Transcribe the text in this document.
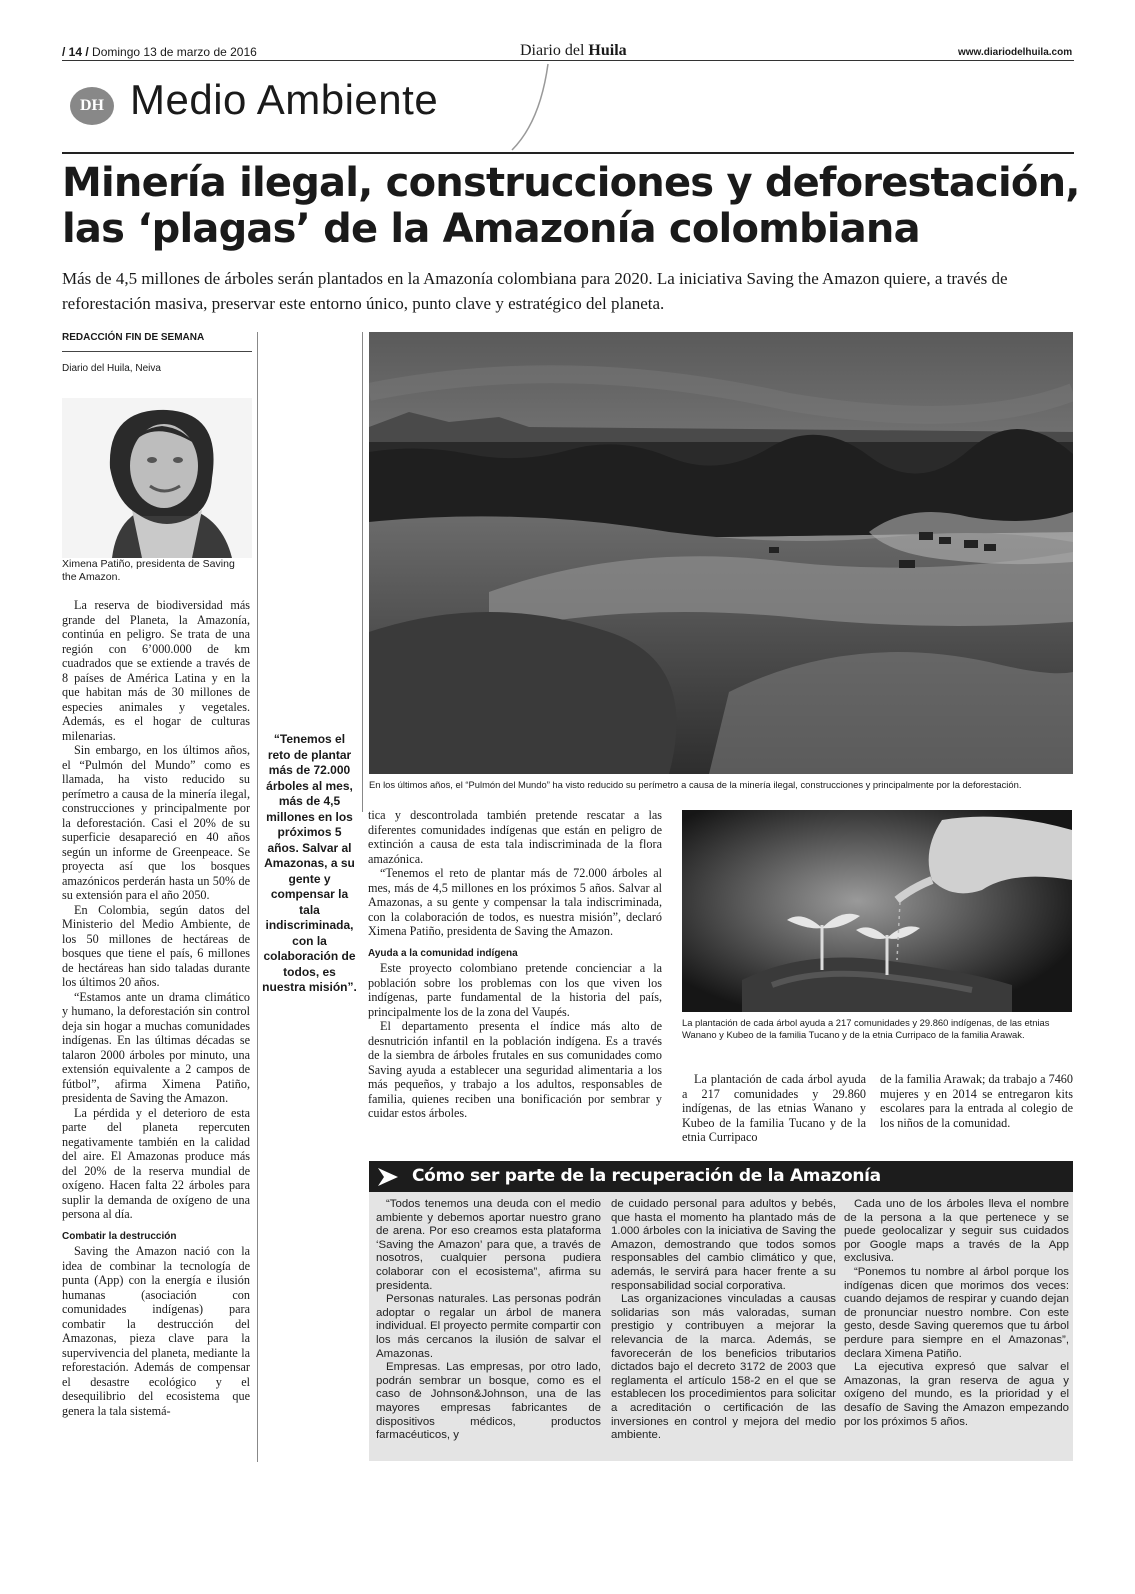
/ 14 / Domingo 13 de marzo de 2016	Diario del Huila	www.diariodelhuila.com
DH Medio Ambiente
Minería ilegal, construcciones y deforestación,
las ‘plagas’ de la Amazonía colombiana
Más de 4,5 millones de árboles serán plantados en la Amazonía colombiana para 2020. La iniciativa Saving the Amazon quiere, a través de reforestación masiva, preservar este entorno único, punto clave y estratégico del planeta.
REDACCIÓN FIN DE SEMANA
Diario del Huila, Neiva
Ximena Patiño, presidenta de Saving the Amazon.

La reserva de biodiversidad más grande del Planeta, la Amazonía, continúa en peligro. Se trata de una región con 6’000.000 de km cuadrados que se extiende a través de 8 países de América Latina y en la que habitan más de 30 millones de especies animales y vegetales. Además, es el hogar de culturas milenarias.

Sin embargo, en los últimos años, el “Pulmón del Mundo” como es llamada, ha visto reducido su perímetro a causa de la minería ilegal, construcciones y principalmente por la deforestación. Casi el 20% de su superficie desapareció en 40 años según un informe de Greenpeace. Se proyecta así que los bosques amazónicos perderán hasta un 50% de su extensión para el año 2050.

En Colombia, según datos del Ministerio del Medio Ambiente, de los 50 millones de hectáreas de bosques que tiene el país, 6 millones de hectáreas han sido taladas durante los últimos 20 años.

“Estamos ante un drama climático y humano, la deforestación sin control deja sin hogar a muchas comunidades indígenas. En las últimas décadas se talaron 2000 árboles por minuto, una extensión equivalente a 2 campos de fútbol”, afirma Ximena Patiño, presidenta de Saving the Amazon.

La pérdida y el deterioro de esta parte del planeta repercuten negativamente también en la calidad del aire. El Amazonas produce más del 20% de la reserva mundial de oxígeno. Hacen falta 22 árboles para suplir la demanda de oxígeno de una persona al día.

Combatir la destrucción

Saving the Amazon nació con la idea de combinar la tecnología de punta (App) con la energía e ilusión humanas (asociación con comunidades indígenas) para combatir la destrucción del Amazonas, pieza clave para la supervivencia del planeta, mediante la reforestación. Además de compensar el desastre ecológico y el desequilibrio del ecosistema que genera la tala sistemá-

“Tenemos el reto de plantar más de 72.000 árboles al mes, más de 4,5 millones en los próximos 5 años. Salvar al Amazonas, a su gente y compensar la tala indiscriminada, con la colaboración de todos, es nuestra misión”.
En los últimos años, el “Pulmón del Mundo” ha visto reducido su perímetro a causa de la minería ilegal, construcciones y principalmente por la deforestación.

tica y descontrolada también pretende rescatar a las diferentes comunidades indígenas que están en peligro de extinción a causa de esta tala indiscriminada de la flora amazónica.

“Tenemos el reto de plantar más de 72.000 árboles al mes, más de 4,5 millones en los próximos 5 años. Salvar al Amazonas, a su gente y compensar la tala indiscriminada, con la colaboración de todos, es nuestra misión”, declaró Ximena Patiño, presidenta de Saving the Amazon.

Ayuda a la comunidad indígena

Este proyecto colombiano pretende concienciar a la población sobre los problemas con los que viven los indígenas, parte fundamental de la historia del país, principalmente los de la zona del Vaupés.

El departamento presenta el índice más alto de desnutrición infantil en la población indígena. Es a través de la siembra de árboles frutales en sus comunidades como Saving ayuda a establecer una seguridad alimentaria a los más pequeños, y trabajo a los adultos, responsables de familia, quienes reciben una bonificación por sembrar y cuidar estos árboles.

La plantación de cada árbol ayuda a 217 comunidades y 29.860 indígenas, de las etnias Wanano y Kubeo de la familia Tucano y de la etnia Curripaco de la familia Arawak.

La plantación de cada árbol ayuda a 217 comunidades y 29.860 indígenas, de las etnias Wanano y Kubeo de la familia Tucano y de la etnia Curripaco

de la familia Arawak; da trabajo a 7460 mujeres y en 2014 se entregaron kits escolares para la entrada al colegio de los niños de la comunidad.

Cómo ser parte de la recuperación de la Amazonía

“Todos tenemos una deuda con el medio ambiente y debemos aportar nuestro grano de arena. Por eso creamos esta plataforma ‘Saving the Amazon’ para que, a través de nosotros, cualquier persona pudiera colaborar con el ecosistema”, afirma su presidenta.

Personas naturales. Las personas podrán adoptar o regalar un árbol de manera individual. El proyecto permite compartir con los más cercanos la ilusión de salvar el Amazonas.

Empresas. Las empresas, por otro lado, podrán sembrar un bosque, como es el caso de Johnson&Johnson, una de las mayores empresas fabricantes de dispositivos médicos, productos farmacéuticos, y

de cuidado personal para adultos y bebés, que hasta el momento ha plantado más de 1.000 árboles con la iniciativa de Saving the Amazon, demostrando que todos somos responsables del cambio climático y que, además, le servirá para hacer frente a su responsabilidad social corporativa.

Las organizaciones vinculadas a causas solidarias son más valoradas, suman prestigio y contribuyen a mejorar la relevancia de la marca. Además, se favorecerán de los beneficios tributarios dictados bajo el decreto 3172 de 2003 que reglamenta el artículo 158-2 en el que se establecen los procedimientos para solicitar a acreditación o certificación de las inversiones en control y mejora del medio ambiente.

Cada uno de los árboles lleva el nombre de la persona a la que pertenece y se puede geolocalizar y seguir sus cuidados por Google maps a través de la App exclusiva.

“Ponemos tu nombre al árbol porque los indígenas dicen que morimos dos veces: cuando dejamos de respirar y cuando dejan de pronunciar nuestro nombre. Con este gesto, desde Saving queremos que tu árbol perdure para siempre en el Amazonas”, declara Ximena Patiño.

La ejecutiva expresó que salvar el Amazonas, la gran reserva de agua y oxígeno del mundo, es la prioridad y el desafío de Saving the Amazon empezando por los próximos 5 años.
